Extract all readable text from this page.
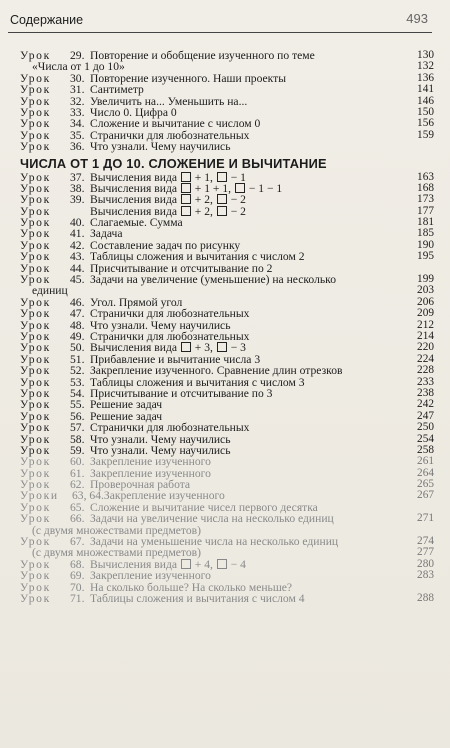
Содержание	493
Урок 29.Повторение и обобщение изученного по теме	130
«Числа от 1 до 10»	132
Урок 30.Повторение изученного. Наши проекты	136
Урок 31.Сантиметр	141
Урок 32.Увеличить на... Уменьшить на...	146
Урок 33.Число 0. Цифра 0	150
Урок 34.Сложение и вычитание с числом 0	156
Урок 35.Странички для любознательных	159
Урок 36.Что узнали. Чему научились
ЧИСЛА ОТ 1 ДО 10. СЛОЖЕНИЕ И ВЫЧИТАНИЕ
Урок 37.Вычисления вида  + 1,  − 1	163
Урок 38.Вычисления вида  + 1 + 1,  − 1 − 1	168
Урок 39.Вычисления вида  + 2,  − 2	173
Урок	Вычисления вида  + 2,  − 2	177
Урок 40.Слагаемые. Сумма	181
Урок 41.Задача	185
Урок 42.Составление задач по рисунку	190
Урок 43.Таблицы сложения и вычитания с числом 2	195
Урок 44.Присчитывание и отсчитывание по 2
Урок 45.Задачи на увеличение (уменьшение) на несколько	199
единиц	203
Урок 46.Угол. Прямой угол	206
Урок 47.Странички для любознательных	209
Урок 48.Что узнали. Чему научились	212
Урок 49.Странички для любознательных	214
Урок 50.Вычисления вида  + 3,  − 3	220
Урок 51.Прибавление и вычитание числа 3	224
Урок 52.Закрепление изученного. Сравнение длин отрезков	228
Урок 53.Таблицы сложения и вычитания с числом 3	233
Урок 54.Присчитывание и отсчитывание по 3	238
Урок 55.Решение задач	242
Урок 56.Решение задач	247
Урок 57.Странички для любознательных	250
Урок 58.Что узнали. Чему научились	254
Урок 59.Что узнали. Чему научились	258
Урок 60.Закрепление изученного	261
Урок 61.Закрепление изученного	264
Урок 62.Проверочная работа	265
Уроки 63, 64.Закрепление изученного	267
Урок 65.Сложение и вычитание чисел первого десятка
Урок 66.Задачи на увеличение числа на несколько единиц	271
(с двумя множествами предметов)
Урок 67.Задачи на уменьшение числа на несколько единиц	274
(с двумя множествами предметов)	277
Урок 68.Вычисления вида  + 4,  − 4	280
Урок 69.Закрепление изученного	283
Урок 70.На сколько больше? На сколько меньше?
Урок 71.Таблицы сложения и вычитания с числом 4	288
